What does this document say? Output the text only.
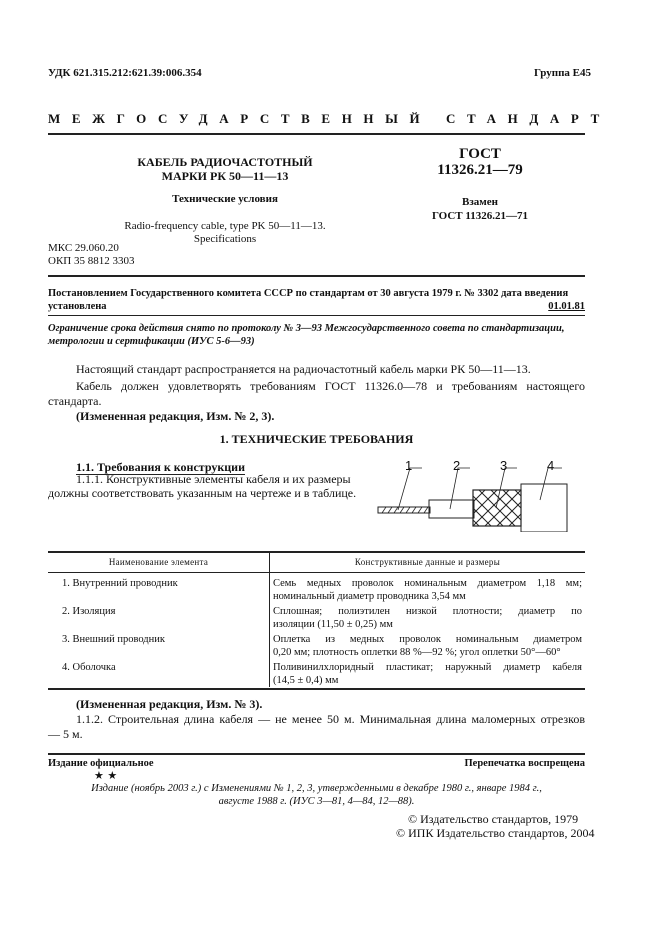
УДК 621.315.212:621.39:006.354	Группа Е45
МЕЖГОСУДАРСТВЕННЫЙ СТАНДАРТ
КАБЕЛЬ РАДИОЧАСТОТНЫЙ
МАРКИ РК 50—11—13
Технические условия
Radio-frequency cable, type PK 50—11—13.
Specifications
ГОСТ
11326.21—79
Взамен
ГОСТ 11326.21—71
МКС 29.060.20
ОКП 35 8812 3303
Постановлением Государственного комитета СССР по стандартам от 30 августа 1979 г. № 3302 дата введения
установлена	01.01.81
Ограничение срока действия снято по протоколу № 3—93 Межгосударственного совета по стандартизации,
метрологии и сертификации (ИУС 5-6—93)
Настоящий стандарт распространяется на радиочастотный кабель марки РК 50—11—13.
Кабель должен удовлетворять требованиям ГОСТ 11326.0—78 и требованиям настоящего
стандарта.
(Измененная редакция, Изм. № 2, 3).
1. ТЕХНИЧЕСКИЕ ТРЕБОВАНИЯ
1.1. Требования к конструкции
1.1.1. Конструктивные элементы кабеля и их размеры
должны соответствовать указанным на чертеже и в таблице.
1	2	3	4
Наименование элемента	Конструктивные данные и размеры
1. Внутренний проводник	Семь медных проволок номинальным диаметром 1,18 мм;
номинальный диаметр проводника 3,54 мм
2. Изоляция	Сплошная; полиэтилен низкой плотности; диаметр по
изоляции (11,50 ± 0,25) мм
3. Внешний проводник	Оплетка из медных проволок номинальным диаметром
0,20 мм; плотность оплетки 88 %—92 %; угол оплетки 50°—60°
4. Оболочка	Поливинилхлоридный пластикат; наружный диаметр кабеля
(14,5 ± 0,4) мм
(Измененная редакция, Изм. № 3).
1.1.2. Строительная длина кабеля — не менее 50 м. Минимальная длина маломерных отрезков
— 5 м.
Издание официальное	Перепечатка воспрещена
★ ★
Издание (ноябрь 2003 г.) с Изменениями № 1, 2, 3, утвержденными в декабре 1980 г., январе 1984 г.,
августе 1988 г. (ИУС 3—81, 4—84, 12—88).
© Издательство стандартов, 1979
© ИПК Издательство стандартов, 2004
